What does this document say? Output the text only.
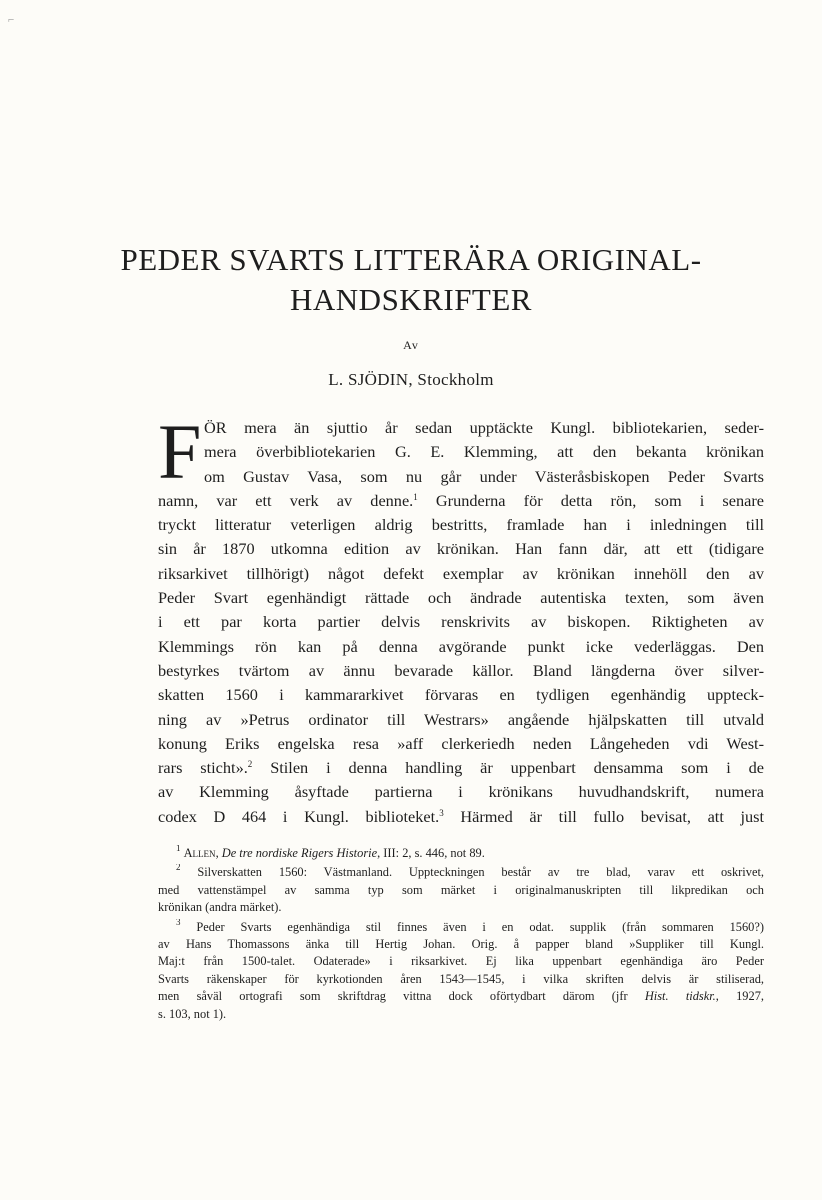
⌐
PEDER SVARTS LITTERÄRA ORIGINAL-
HANDSKRIFTER
Av
L. SJÖDIN, Stockholm
F ÖR mera än sjuttio år sedan upptäckte Kungl. bibliotekarien, seder-
mera överbibliotekarien G. E. Klemming, att den bekanta krönikan
om Gustav Vasa, som nu går under Västeråsbiskopen Peder Svarts
namn, var ett verk av denne.$^1$ Grunderna för detta rön, som i senare
tryckt litteratur veterligen aldrig bestritts, framlade han i inledningen till
sin år 1870 utkomna edition av krönikan. Han fann där, att ett (tidigare
riksarkivet tillhörigt) något defekt exemplar av krönikan innehöll den av
Peder Svart egenhändigt rättade och ändrade autentiska texten, som även
i ett par korta partier delvis renskrivits av biskopen. Riktigheten av
Klemmings rön kan på denna avgörande punkt icke vederläggas. Den
bestyrkes tvärtom av ännu bevarade källor. Bland längderna över silver-
skatten 1560 i kammararkivet förvaras en tydligen egenhändig uppteck-
ning av »Petrus ordinator till Westrars» angående hjälpskatten till utvald
konung Eriks engelska resa »aff clerkeriedh neden Långeheden vdi West-
rars sticht».$^2$ Stilen i denna handling är uppenbart densamma som i de
av Klemming åsyftade partierna i krönikans huvudhandskrift, numera
codex D 464 i Kungl. biblioteket.$^3$ Härmed är till fullo bevisat, att just
$^1$ Allen, De tre nordiske Rigers Historie, III: 2, s. 446, not 89.
$^2$ Silverskatten 1560: Västmanland. Uppteckningen består av tre blad, varav ett oskrivet,
med vattenstämpel av samma typ som märket i originalmanuskripten till likpredikan och
krönikan (andra märket).
$^3$ Peder Svarts egenhändiga stil finnes även i en odat. supplik (från sommaren 1560?)
av Hans Thomassons änka till Hertig Johan. Orig. å papper bland »Suppliker till Kungl.
Maj:t från 1500-talet. Odaterade» i riksarkivet. Ej lika uppenbart egenhändiga äro Peder
Svarts räkenskaper för kyrkotionden åren 1543—1545, i vilka skriften delvis är stiliserad,
men såväl ortografi som skriftdrag vittna dock oförtydbart därom (jfr Hist. tidskr., 1927,
s. 103, not 1).
